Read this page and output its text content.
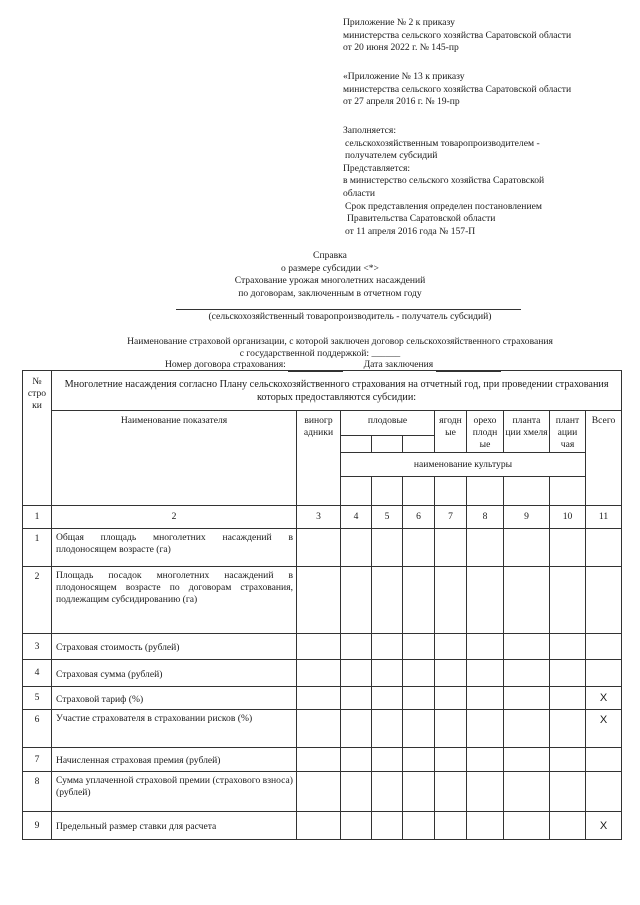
Приложение № 2 к приказу
министерства сельского хозяйства Саратовской области
от 20 июня 2022 г. № 145-пр
«Приложение № 13 к приказу
министерства сельского хозяйства Саратовской области
от 27 апреля 2016 г. № 19-пр
Заполняется:
сельскохозяйственным товаропроизводителем -
получателем субсидий
Представляется:
в министерство сельского хозяйства Саратовской
области
Срок представления определен постановлением
Правительства Саратовской области
от 11 апреля 2016 года № 157-П
Справка
о размере субсидии <*>
Страхование урожая многолетних насаждений
по договорам, заключенным в отчетном году
(сельскохозяйственный товаропроизводитель - получатель субсидий)
Наименование страховой организации, с которой заключен договор сельскохозяйственного страхования
с государственной поддержкой: ______
Номер договора страхования:	Дата заключения
№ стро ки	Многолетние насаждения согласно Плану сельскохозяйственного страхования на отчетный год, при проведении страхования которых предоставляются субсидии:									
	Наименование показателя	виногр адники	плодовые			ягодн ые	орехо плодн ые	планта ции хмеля	плант ации чая	Всего

			наименование культуры							

1	2	3	4	5	6	7	8	9	10	11
1	Общая площадь многолетних насаждений в плодоносящем возрасте (га)									
2	Площадь посадок многолетних насаждений в плодоносящем возрасте по договорам страхования, подлежащим субсидированию (га)									
3	Страховая стоимость (рублей)									
4	Страховая сумма (рублей)									
5	Страховой тариф (%)									X
6	Участие страхователя в страховании рисков (%)									X
7	Начисленная страховая премия (рублей)									
8	Сумма уплаченной страховой премии (страхового взноса) (рублей)									
9	Предельный размер ставки для расчета									X
